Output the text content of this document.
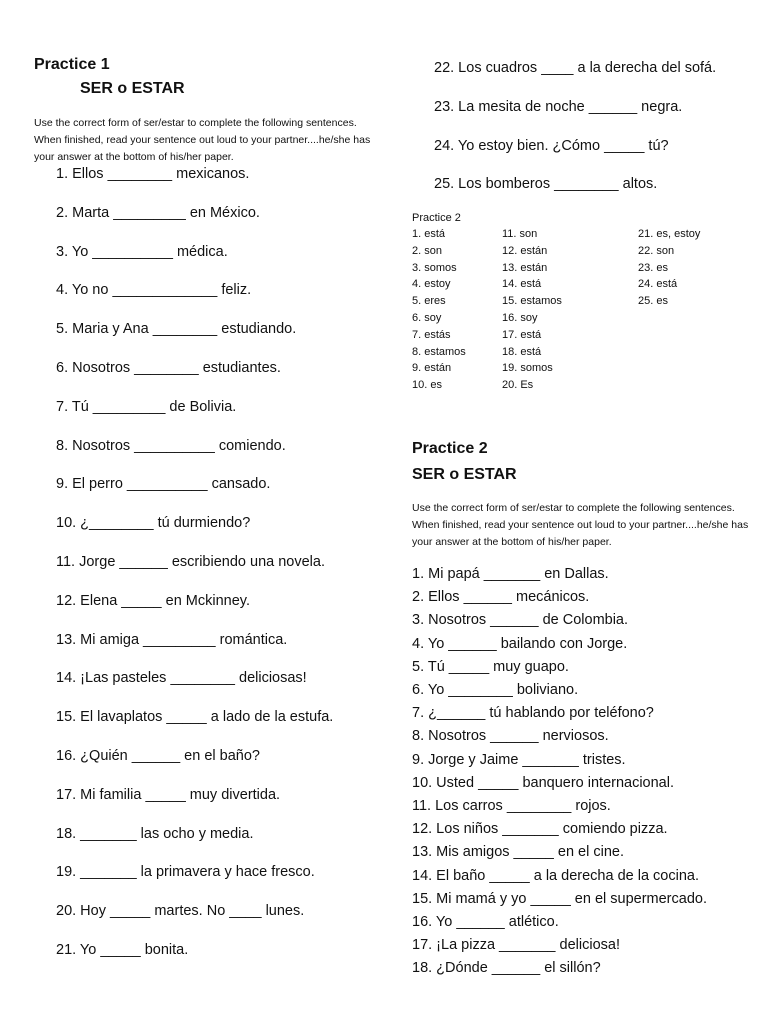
Practice 1
SER o ESTAR
Use the correct form of ser/estar to complete the following sentences. When finished, read your sentence out loud to your partner....he/she has your answer at the bottom of his/her paper.
1. Ellos ________ mexicanos.
2. Marta _________ en México.
3. Yo __________ médica.
4. Yo no _____________ feliz.
5. Maria y Ana ________ estudiando.
6. Nosotros ________ estudiantes.
7. Tú _________ de Bolivia.
8. Nosotros __________ comiendo.
9. El perro __________ cansado.
10. ¿________ tú durmiendo?
11. Jorge ______ escribiendo una novela.
12. Elena _____ en Mckinney.
13. Mi amiga _________ romántica.
14. ¡Las pasteles ________ deliciosas!
15. El lavaplatos _____ a lado de la estufa.
16. ¿Quién ______ en el baño?
17. Mi familia _____ muy divertida.
18. _______ las ocho y media.
19. _______ la primavera y hace fresco.
20. Hoy _____ martes. No ____ lunes.
21. Yo _____ bonita.
22. Los cuadros ____ a la derecha del sofá.
23. La mesita de noche ______ negra.
24. Yo estoy bien. ¿Cómo _____ tú?
25. Los bomberos ________ altos.
Practice 2
1. está
2. son
3. somos
4. estoy
5. eres
6. soy
7. estás
8. estamos
9. están
10. es
11. son
12. están
13. están
14. está
15. estamos
16. soy
17. está
18. está
19. somos
20. Es
21. es, estoy
22. son
23. es
24. está
25. es
Practice 2
SER o ESTAR
Use the correct form of ser/estar to complete the following sentences. When finished, read your sentence out loud to your partner....he/she has your answer at the bottom of his/her paper.
1. Mi papá _______ en Dallas.
2. Ellos ______ mecánicos.
3. Nosotros ______ de Colombia.
4. Yo ______ bailando con Jorge.
5. Tú _____ muy guapo.
6. Yo ________ boliviano.
7. ¿______ tú hablando por teléfono?
8. Nosotros ______ nerviosos.
9. Jorge y Jaime _______ tristes.
10. Usted _____ banquero internacional.
11. Los carros ________ rojos.
12. Los niños _______ comiendo pizza.
13. Mis amigos _____ en el cine.
14. El baño _____ a la derecha de la cocina.
15. Mi mamá y yo _____ en el supermercado.
16. Yo ______ atlético.
17. ¡La pizza _______ deliciosa!
18. ¿Dónde ______ el sillón?
